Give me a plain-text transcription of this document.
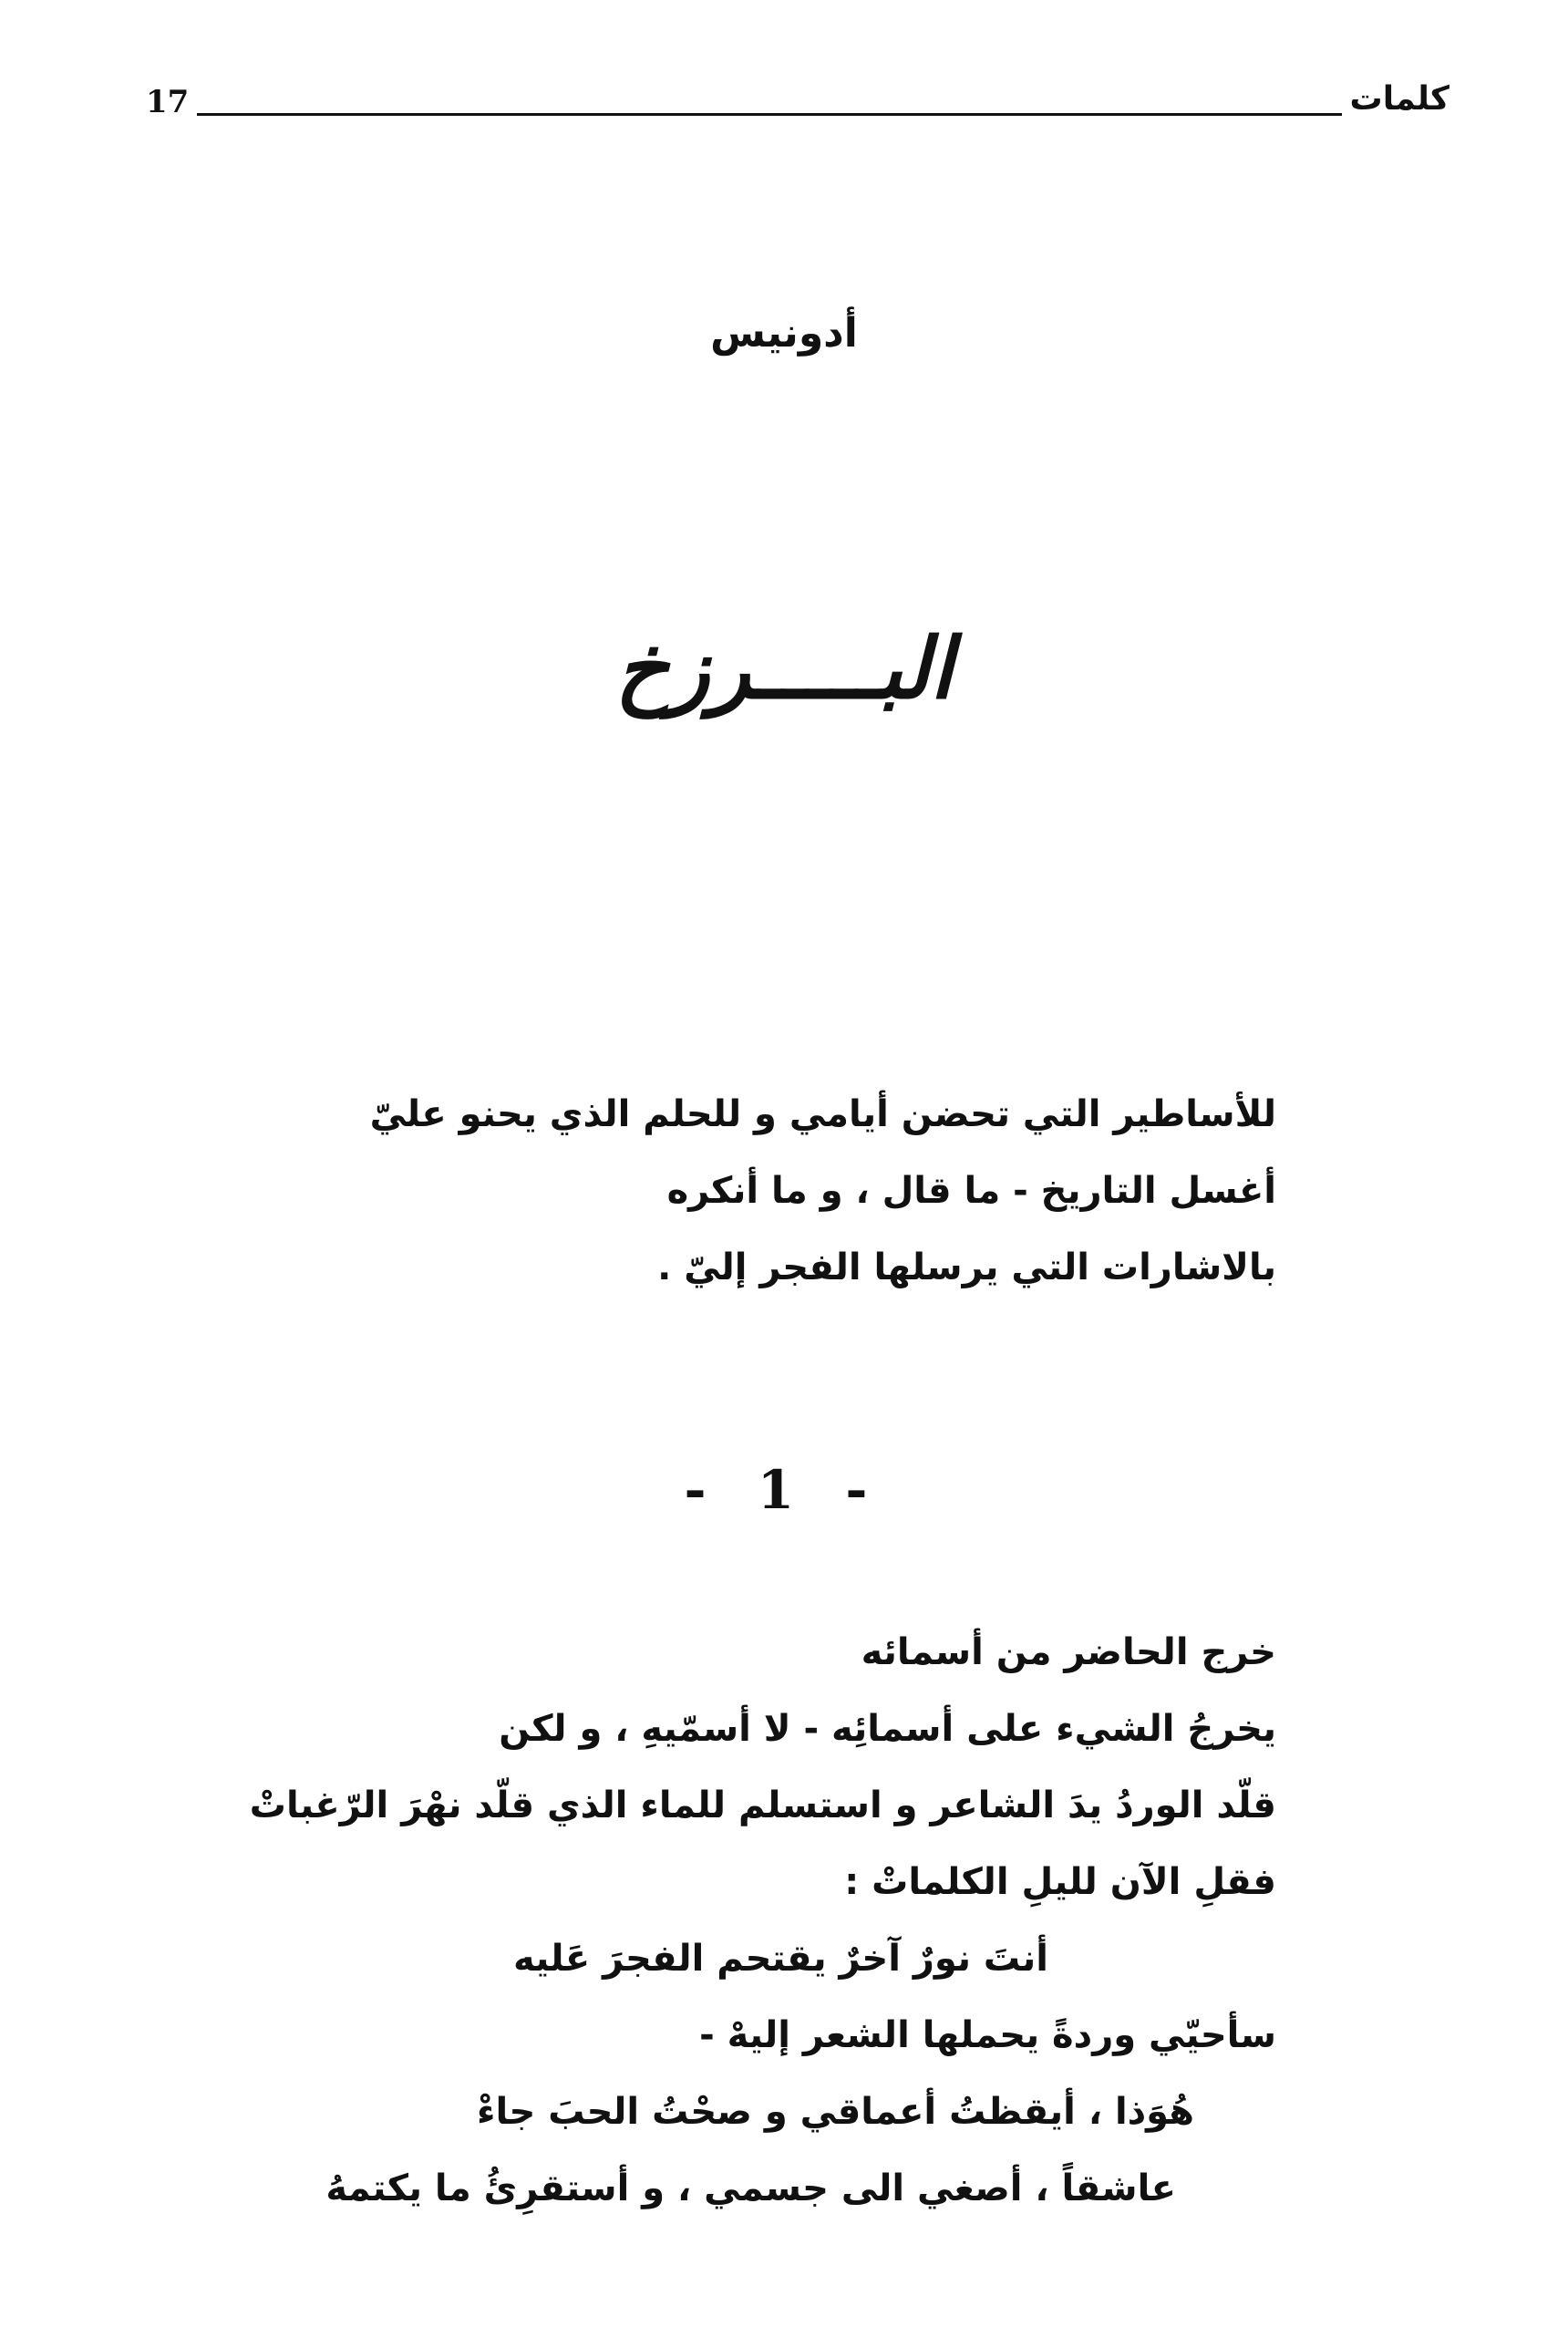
17	كلمات
أدونيس
البـــــرزخ
للأساطير التي تحضن أيامي و للحلم الذي يحنو عليّ
أغسل التاريخ - ما قال ، و ما أنكره
بالاشارات التي يرسلها الفجر إليّ .
- 1 -
خرج الحاضر من أسمائه
يخرجُ الشيء على أسمائِه - لا أسمّيهِ ، و لكن
قلّد الوردُ يدَ الشاعر و استسلم للماء الذي قلّد نهْرَ الرّغباتْ
فقلِ الآن لليلِ الكلماتْ :
أنتَ نورٌ آخرٌ يقتحم الفجرَ عَليه
سأحيّي وردةً يحملها الشعر إليهْ -
هُوَذا ، أيقظتُ أعماقي و صحْتُ الحبَ جاءْ
عاشقاً ، أصغي الى جسمي ، و أستقرِئُ ما يكتمهُ
